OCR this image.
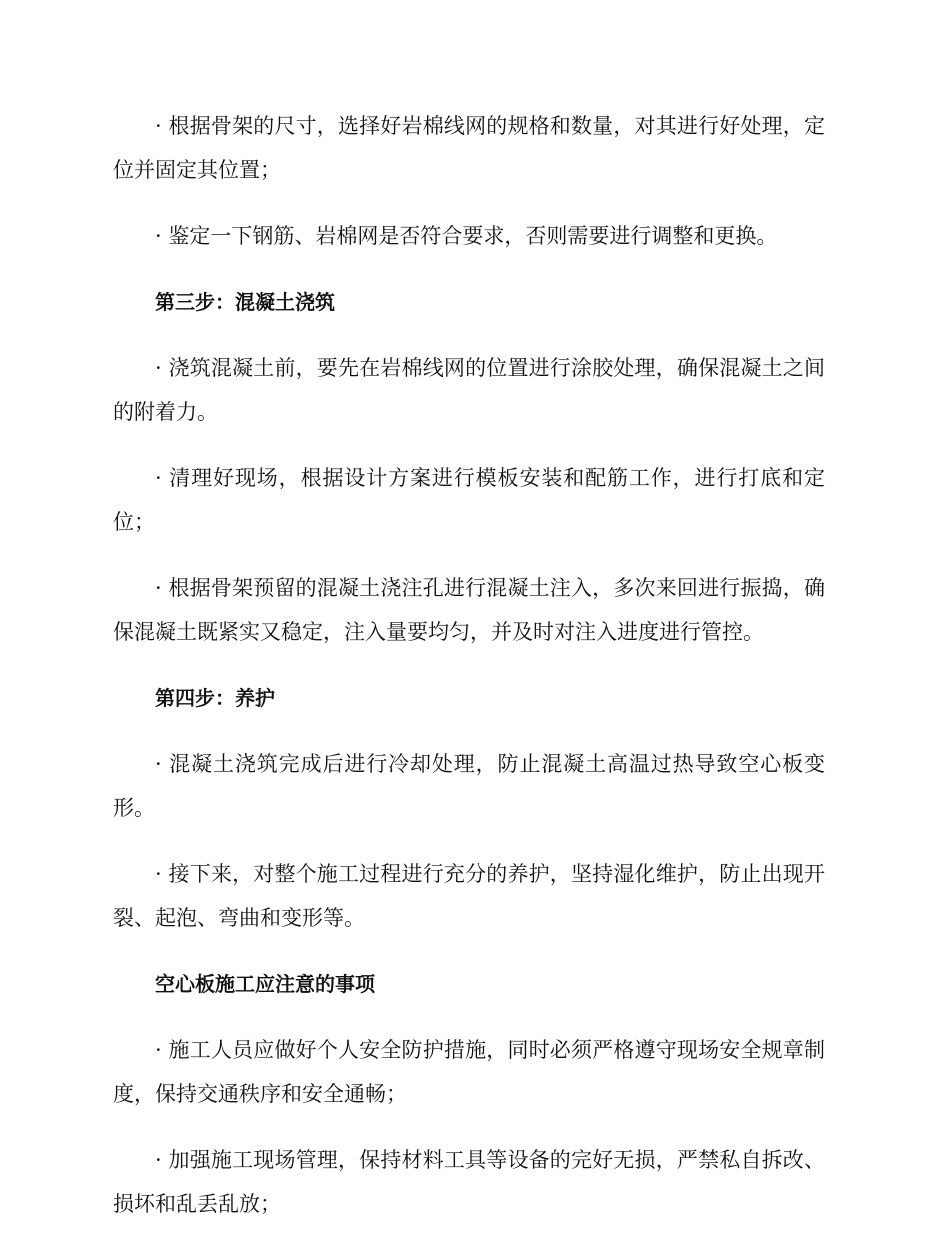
· 根据骨架的尺寸，选择好岩棉线网的规格和数量，对其进行好处理，定位并固定其位置；

· 鉴定一下钢筋、岩棉网是否符合要求，否则需要进行调整和更换。

第三步：混凝土浇筑

· 浇筑混凝土前，要先在岩棉线网的位置进行涂胶处理，确保混凝土之间的附着力。

· 清理好现场，根据设计方案进行模板安装和配筋工作，进行打底和定位；

· 根据骨架预留的混凝土浇注孔进行混凝土注入，多次来回进行振捣，确保混凝土既紧实又稳定，注入量要均匀，并及时对注入进度进行管控。

第四步：养护

· 混凝土浇筑完成后进行冷却处理，防止混凝土高温过热导致空心板变形。

· 接下来，对整个施工过程进行充分的养护，坚持湿化维护，防止出现开裂、起泡、弯曲和变形等。

空心板施工应注意的事项

· 施工人员应做好个人安全防护措施，同时必须严格遵守现场安全规章制度，保持交通秩序和安全通畅；

· 加强施工现场管理，保持材料工具等设备的完好无损，严禁私自拆改、损坏和乱丢乱放；
